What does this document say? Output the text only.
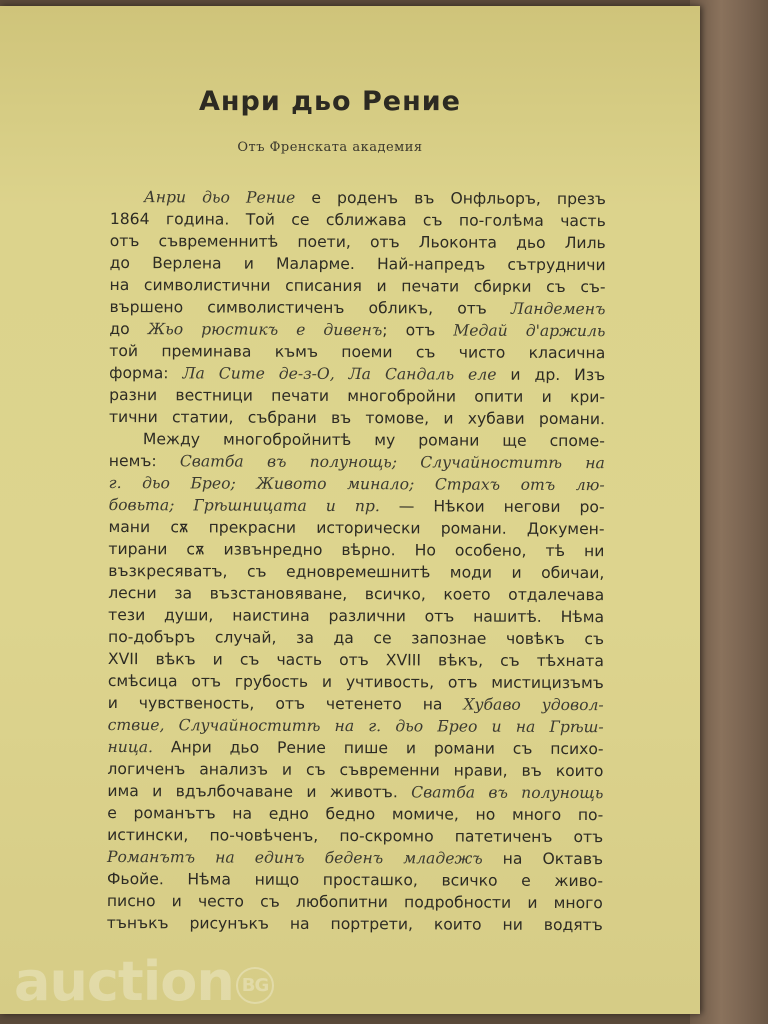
Анри дьо Рение
Отъ Френската академия
Анри дьо Рение е роденъ въ Онфльоръ, презъ
1864 година. Той се сближава съ по-голѣма часть
отъ съвременнитѣ поети, отъ Льоконта дьо Лиль
до Верлена и Маларме. Най-напредъ сътрудничи
на символистични списания и печати сбирки съ съ-
вършено символистиченъ обликъ, отъ Ландеменъ
до Жьо рюстикъ е дивенъ; отъ Медай д'аржиль
той преминава къмъ поеми съ чисто класична
форма: Ла Сите де-з-О, Ла Сандаль еле и др. Изъ
разни вестници печати многобройни опити и кри-
тични статии, събрани въ томове, и хубави романи.
Между многобройнитѣ му романи ще споме-
немъ: Сватба въ полунощь; Случайноститѣ на
г. дьо Брео; Живото минало; Страхъ отъ лю-
бовьта; Грѣшницата и пр. — Нѣкои негови ро-
мани сѫ прекрасни исторически романи. Докумен-
тирани сѫ извънредно вѣрно. Но особено, тѣ ни
възкресяватъ, съ едновремешнитѣ моди и обичаи,
лесни за възстановяване, всичко, което отдалечава
тези души, наистина различни отъ нашитѣ. Нѣма
по-добъръ случай, за да се запознае човѣкъ съ
XVII вѣкъ и съ часть отъ XVIII вѣкъ, съ тѣхната
смѣсица отъ грубость и учтивость, отъ мистицизъмъ
и чувственость, отъ четенето на Хубаво удовол-
ствие, Случайноститѣ на г. дьо Брео и на Грѣш-
ница. Анри дьо Рение пише и романи съ психо-
логиченъ анализъ и съ съвременни нрави, въ които
има и вдълбочаване и животъ. Сватба въ полунощь
е романътъ на едно бедно момиче, но много по-
истински, по-човѣченъ, по-скромно патетиченъ отъ
Романътъ на единъ беденъ младежъ на Октавъ
Фьойе. Нѣма нищо просташко, всичко е живо-
писно и често съ любопитни подробности и много
тънъкъ рисунъкъ на портрети, които ни водятъ
auction BG
